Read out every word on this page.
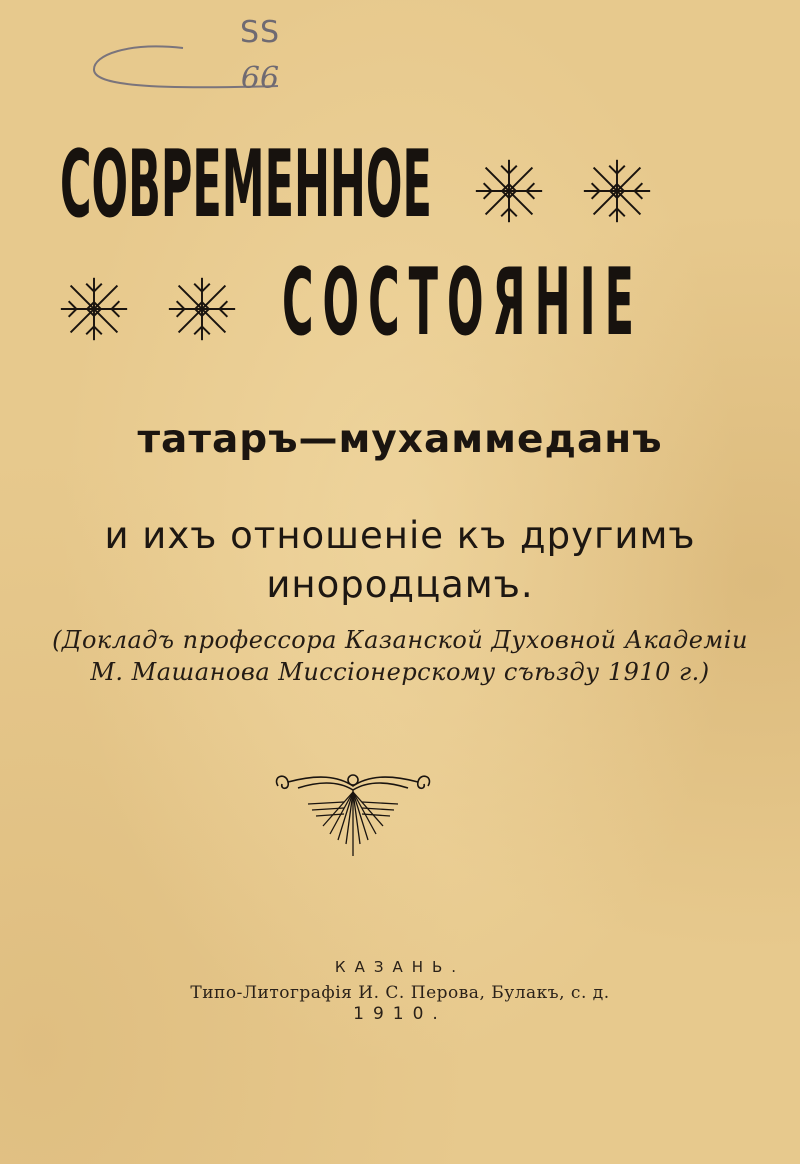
SS
66
СОВРЕМЕННОЕ
СОСТОЯНІЕ
татаръ—мухаммеданъ
и ихъ отношеніе къ другимъ
инородцамъ.
(Докладъ профессора Казанской Духовной Академіи
М. Машанова Миссіонерскому съѣзду 1910 г.)
КАЗАНЬ.
Типо-Литографія И. С. Перова, Булакъ, с. д.
1910.
